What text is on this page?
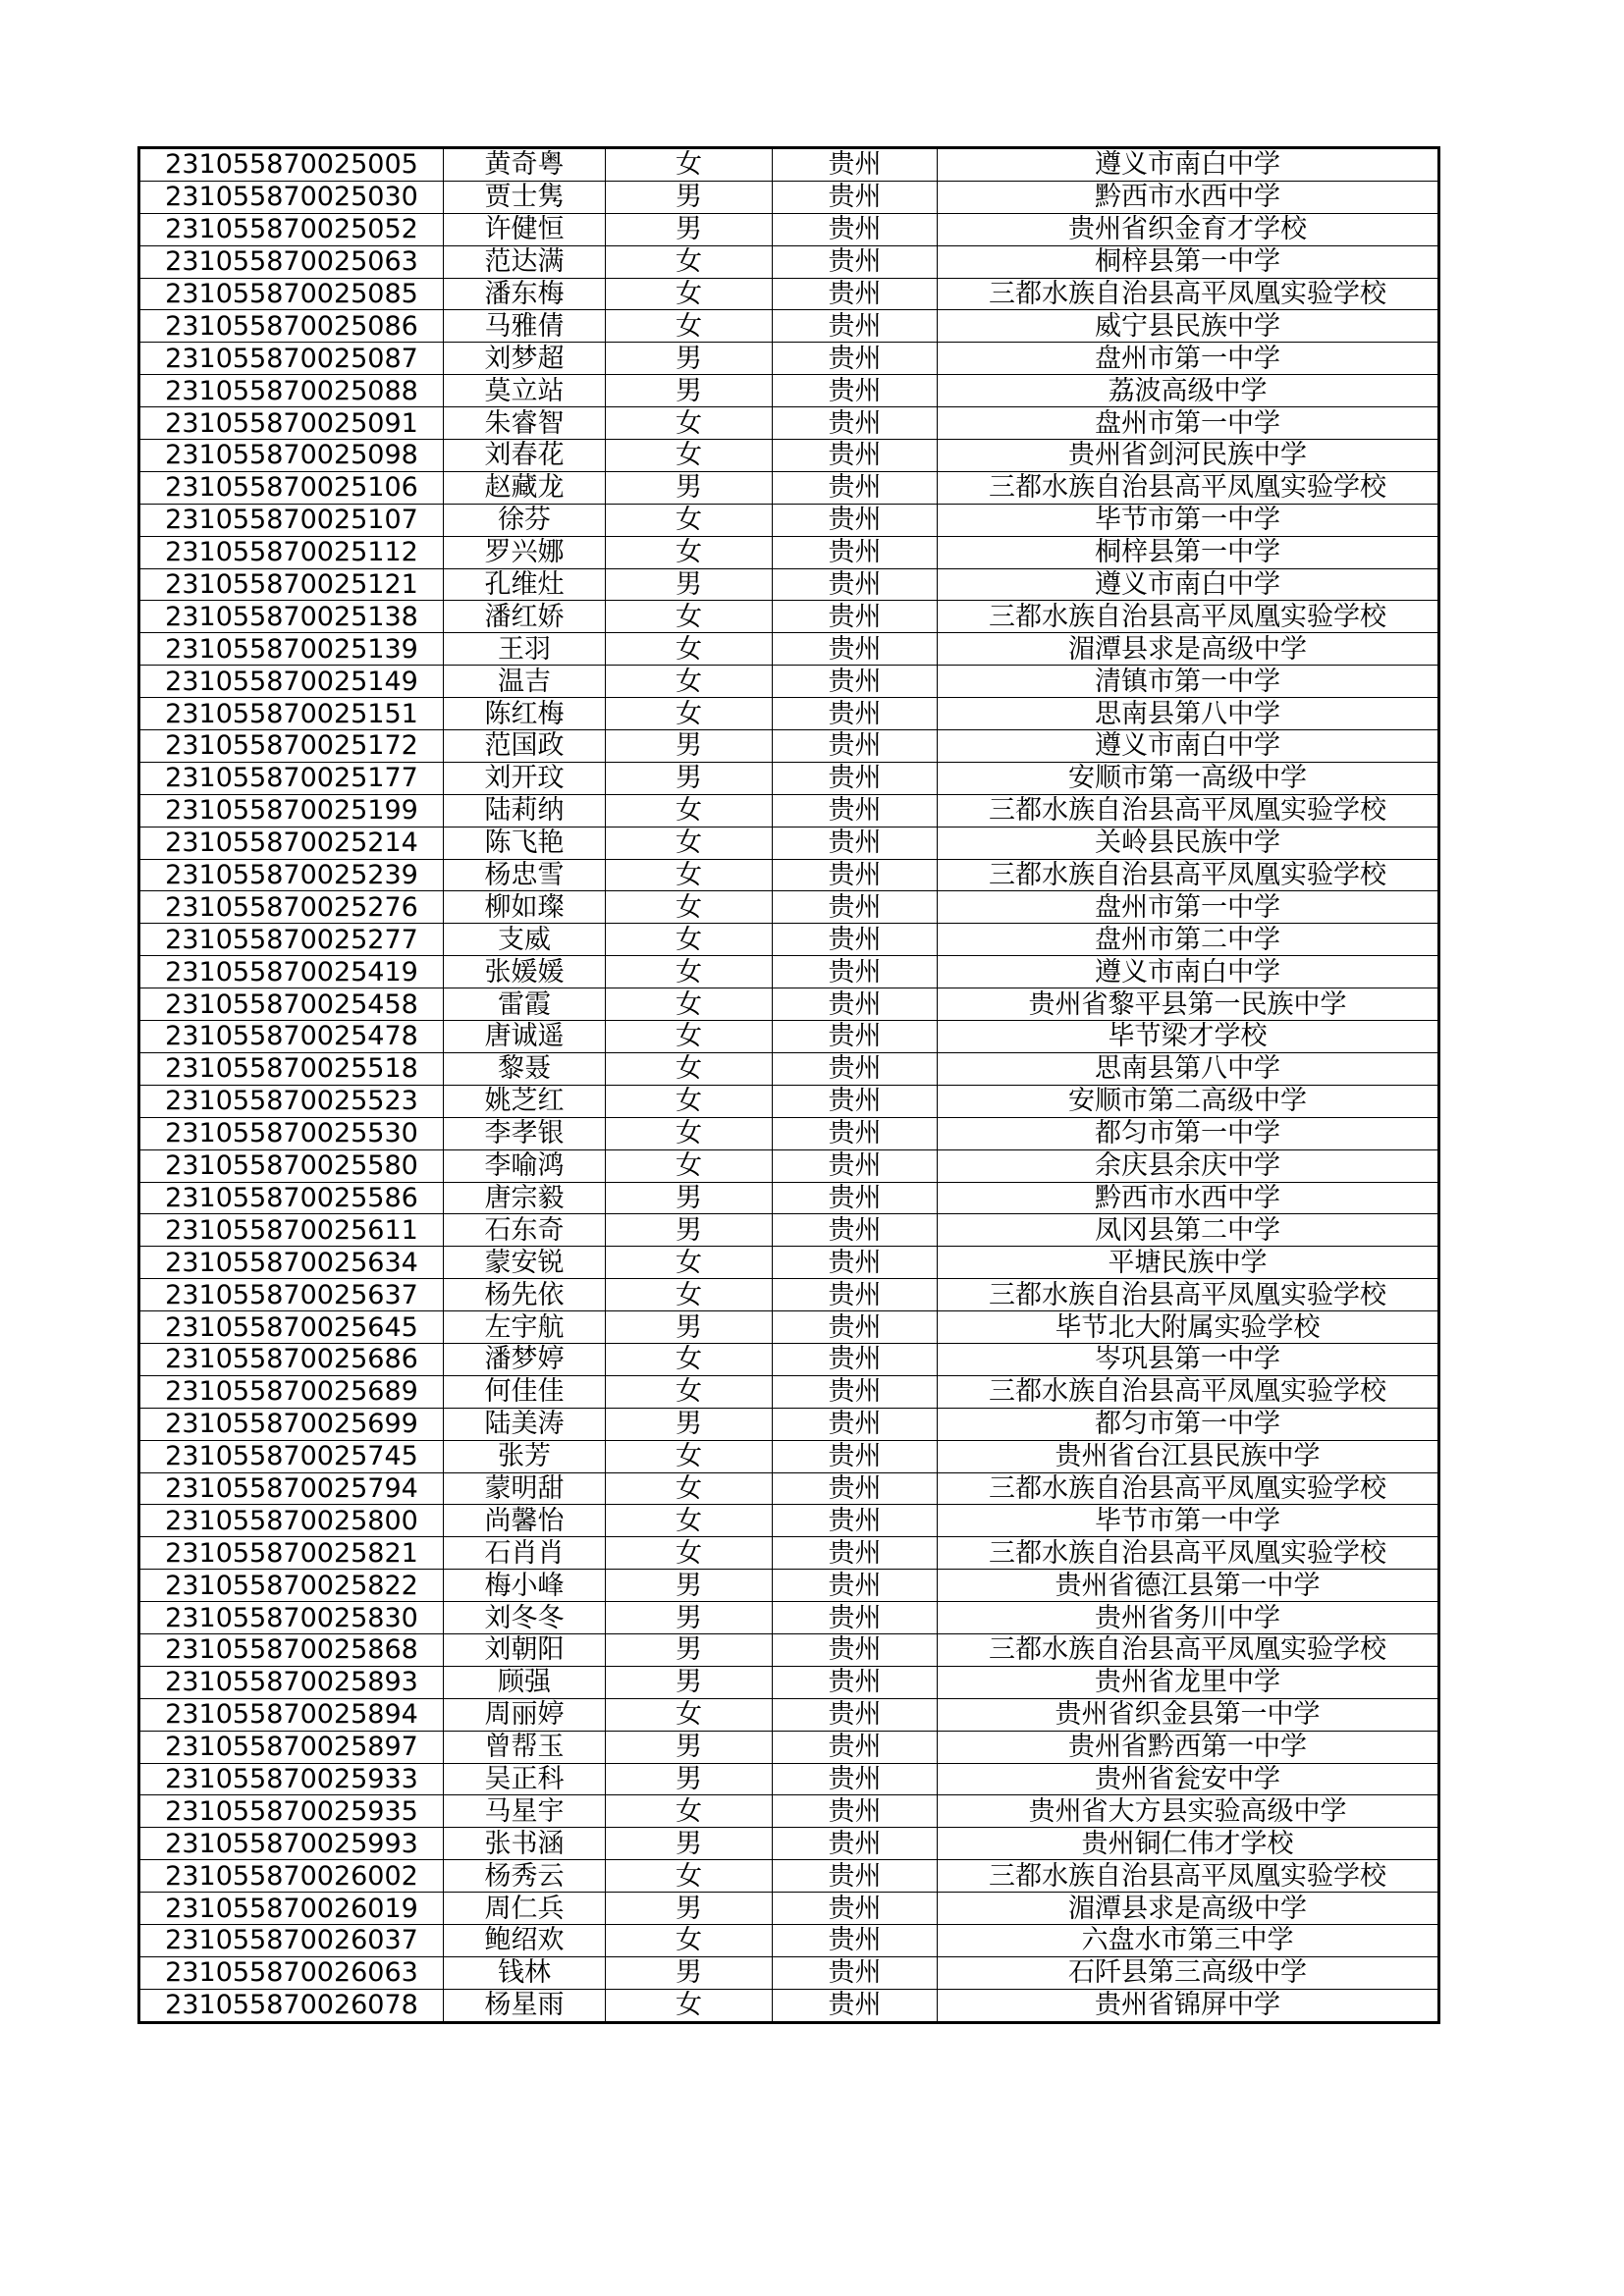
231055870025005	黄奇粤	女	贵州	遵义市南白中学
231055870025030	贾士隽	男	贵州	黔西市水西中学
231055870025052	许健恒	男	贵州	贵州省织金育才学校
231055870025063	范达满	女	贵州	桐梓县第一中学
231055870025085	潘东梅	女	贵州	三都水族自治县高平凤凰实验学校
231055870025086	马雅倩	女	贵州	威宁县民族中学
231055870025087	刘梦超	男	贵州	盘州市第一中学
231055870025088	莫立站	男	贵州	荔波高级中学
231055870025091	朱睿智	女	贵州	盘州市第一中学
231055870025098	刘春花	女	贵州	贵州省剑河民族中学
231055870025106	赵藏龙	男	贵州	三都水族自治县高平凤凰实验学校
231055870025107	徐芬	女	贵州	毕节市第一中学
231055870025112	罗兴娜	女	贵州	桐梓县第一中学
231055870025121	孔维灶	男	贵州	遵义市南白中学
231055870025138	潘红娇	女	贵州	三都水族自治县高平凤凰实验学校
231055870025139	王羽	女	贵州	湄潭县求是高级中学
231055870025149	温吉	女	贵州	清镇市第一中学
231055870025151	陈红梅	女	贵州	思南县第八中学
231055870025172	范国政	男	贵州	遵义市南白中学
231055870025177	刘开玟	男	贵州	安顺市第一高级中学
231055870025199	陆莉纳	女	贵州	三都水族自治县高平凤凰实验学校
231055870025214	陈飞艳	女	贵州	关岭县民族中学
231055870025239	杨忠雪	女	贵州	三都水族自治县高平凤凰实验学校
231055870025276	柳如璨	女	贵州	盘州市第一中学
231055870025277	支威	女	贵州	盘州市第二中学
231055870025419	张媛媛	女	贵州	遵义市南白中学
231055870025458	雷霞	女	贵州	贵州省黎平县第一民族中学
231055870025478	唐诚遥	女	贵州	毕节梁才学校
231055870025518	黎聂	女	贵州	思南县第八中学
231055870025523	姚芝红	女	贵州	安顺市第二高级中学
231055870025530	李孝银	女	贵州	都匀市第一中学
231055870025580	李喻鸿	女	贵州	余庆县余庆中学
231055870025586	唐宗毅	男	贵州	黔西市水西中学
231055870025611	石东奇	男	贵州	凤冈县第二中学
231055870025634	蒙安锐	女	贵州	平塘民族中学
231055870025637	杨先依	女	贵州	三都水族自治县高平凤凰实验学校
231055870025645	左宇航	男	贵州	毕节北大附属实验学校
231055870025686	潘梦婷	女	贵州	岑巩县第一中学
231055870025689	何佳佳	女	贵州	三都水族自治县高平凤凰实验学校
231055870025699	陆美涛	男	贵州	都匀市第一中学
231055870025745	张芳	女	贵州	贵州省台江县民族中学
231055870025794	蒙明甜	女	贵州	三都水族自治县高平凤凰实验学校
231055870025800	尚馨怡	女	贵州	毕节市第一中学
231055870025821	石肖肖	女	贵州	三都水族自治县高平凤凰实验学校
231055870025822	梅小峰	男	贵州	贵州省德江县第一中学
231055870025830	刘冬冬	男	贵州	贵州省务川中学
231055870025868	刘朝阳	男	贵州	三都水族自治县高平凤凰实验学校
231055870025893	顾强	男	贵州	贵州省龙里中学
231055870025894	周丽婷	女	贵州	贵州省织金县第一中学
231055870025897	曾帮玉	男	贵州	贵州省黔西第一中学
231055870025933	吴正科	男	贵州	贵州省瓮安中学
231055870025935	马星宇	女	贵州	贵州省大方县实验高级中学
231055870025993	张书涵	男	贵州	贵州铜仁伟才学校
231055870026002	杨秀云	女	贵州	三都水族自治县高平凤凰实验学校
231055870026019	周仁兵	男	贵州	湄潭县求是高级中学
231055870026037	鲍绍欢	女	贵州	六盘水市第三中学
231055870026063	钱林	男	贵州	石阡县第三高级中学
231055870026078	杨星雨	女	贵州	贵州省锦屏中学
